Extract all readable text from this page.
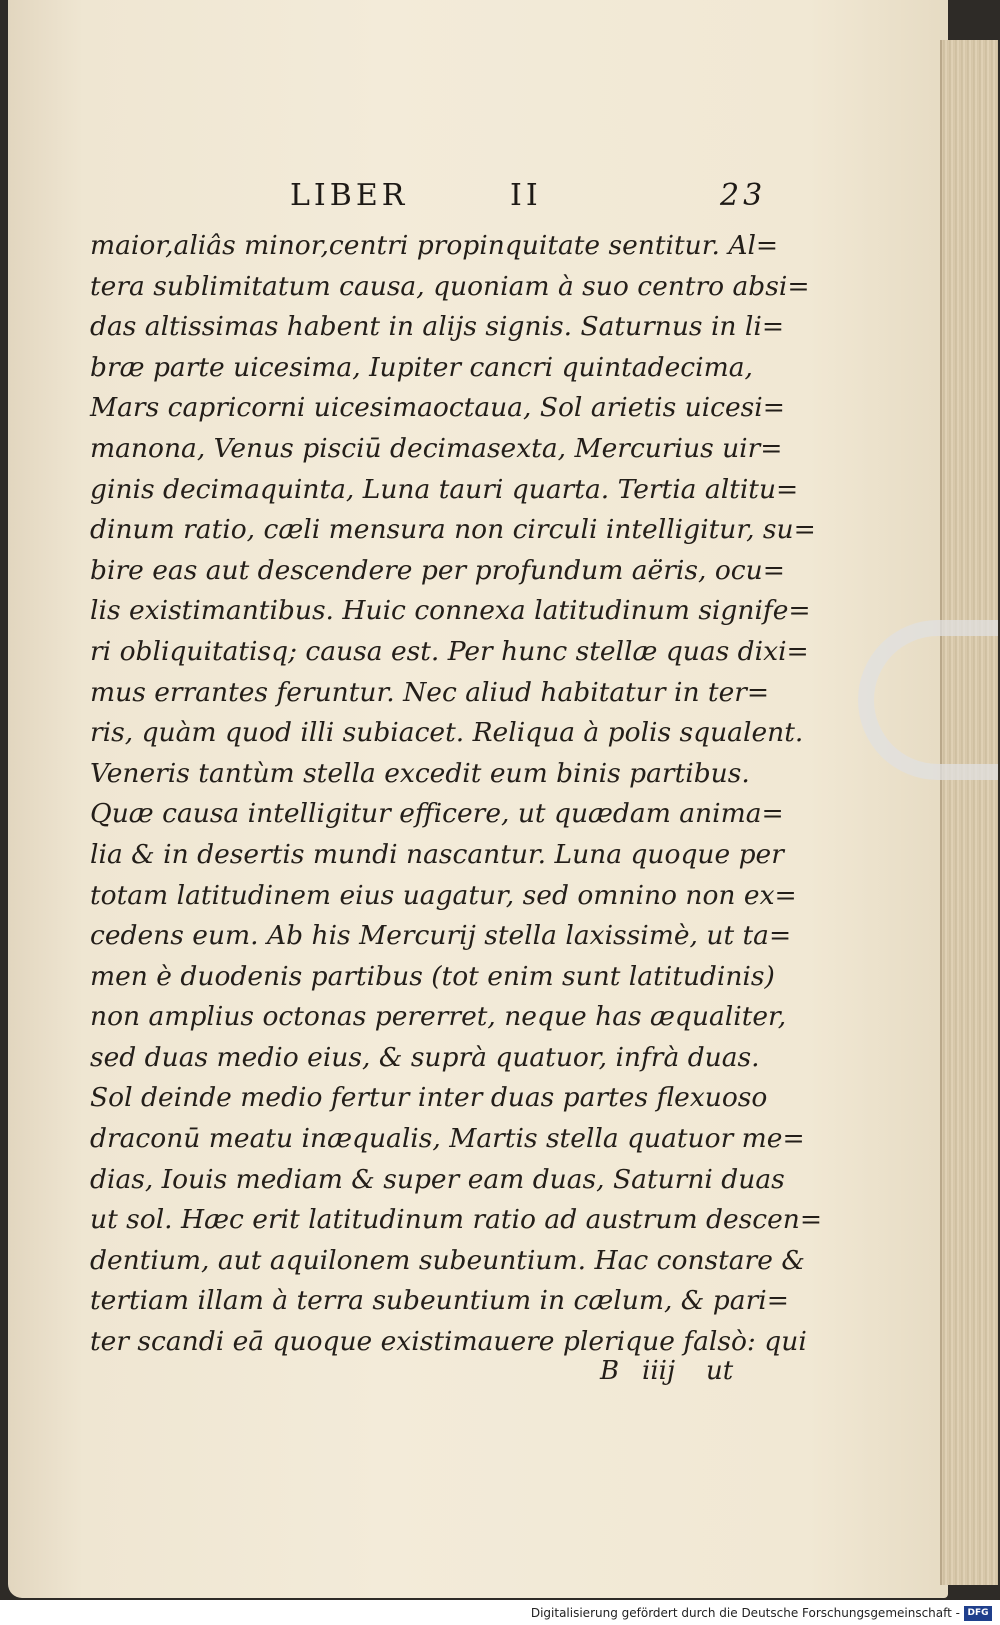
LIBER	II	23
maior,aliâs minor,centri propinquitate sentitur. Al=
tera sublimitatum causa, quoniam à suo centro absi=
das altissimas habent in alijs signis. Saturnus in li=
bræ parte uicesima, Iupiter cancri quintadecima,
Mars capricorni uicesimaoctaua, Sol arietis uicesi=
manona, Venus pisciū decimasexta, Mercurius uir=
ginis decimaquinta, Luna tauri quarta. Tertia altitu=
dinum ratio, cæli mensura non circuli intelligitur, su=
bire eas aut descendere per profundum aëris, ocu=
lis existimantibus. Huic connexa latitudinum signife=
ri obliquitatisq; causa est. Per hunc stellæ quas dixi=
mus errantes feruntur. Nec aliud habitatur in ter=
ris, quàm quod illi subiacet. Reliqua à polis squalent.
Veneris tantùm stella excedit eum binis partibus.
Quæ causa intelligitur efficere, ut quædam anima=
lia & in desertis mundi nascantur. Luna quoque per
totam latitudinem eius uagatur, sed omnino non ex=
cedens eum. Ab his Mercurij stella laxissimè, ut ta=
men è duodenis partibus (tot enim sunt latitudinis)
non amplius octonas pererret, neque has æqualiter,
sed duas medio eius, & suprà quatuor, infrà duas.
Sol deinde medio fertur inter duas partes flexuoso
draconū meatu inæqualis, Martis stella quatuor me=
dias, Iouis mediam & super eam duas, Saturni duas
ut sol. Hæc erit latitudinum ratio ad austrum descen=
dentium, aut aquilonem subeuntium. Hac constare &
tertiam illam à terra subeuntium in cælum, & pari=
ter scandi eā quoque existimauere plerique falsò: qui
B iiij ut
Digitalisierung gefördert durch die Deutsche Forschungsgemeinschaft - DFG
